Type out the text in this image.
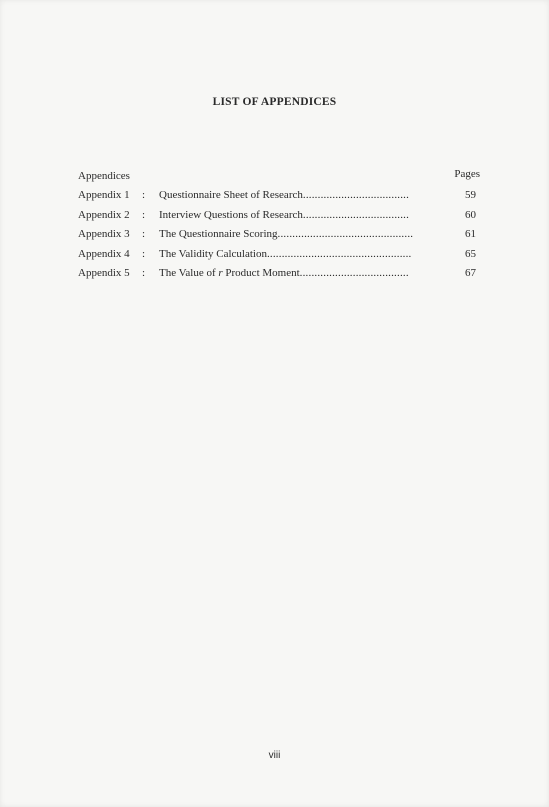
LIST OF APPENDICES
Appendices	Pages
Appendix 1	:	Questionnaire Sheet of Research....................................	59
Appendix 2	:	Interview Questions of Research....................................	60
Appendix 3	:	The Questionnaire Scoring..............................................	61
Appendix 4	:	The Validity Calculation.................................................	65
Appendix 5	:	The Value of r Product Moment.....................................	67
viii
